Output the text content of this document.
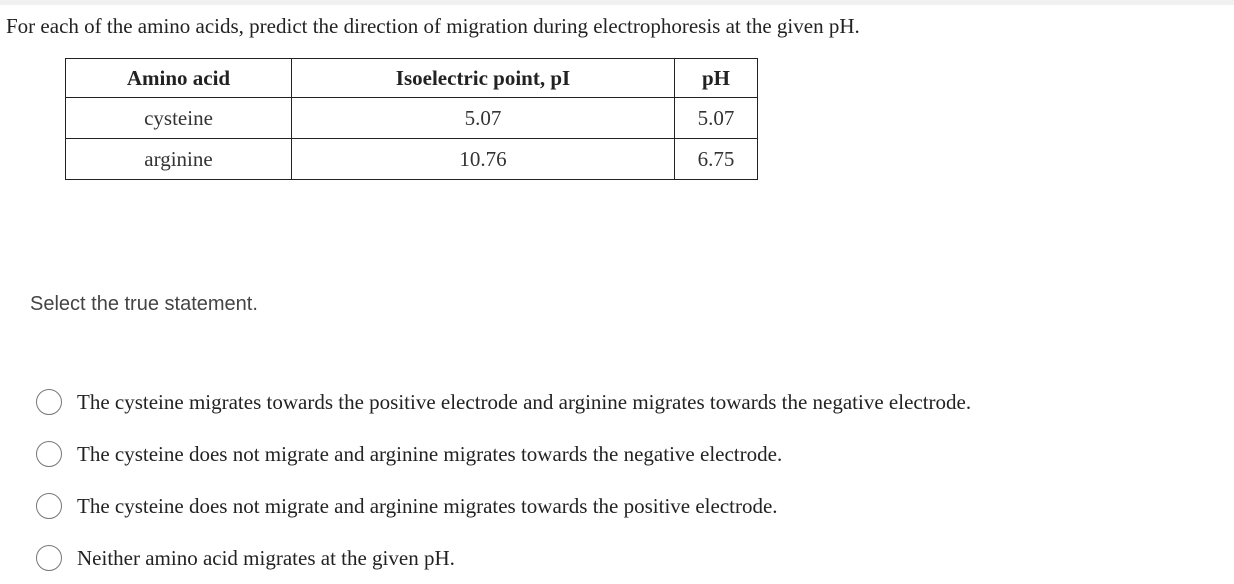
For each of the amino acids, predict the direction of migration during electrophoresis at the given pH.
Amino acid	Isoelectric point, pI	pH
cysteine	5.07	5.07
arginine	10.76	6.75
Select the true statement.
The cysteine migrates towards the positive electrode and arginine migrates towards the negative electrode.
The cysteine does not migrate and arginine migrates towards the negative electrode.
The cysteine does not migrate and arginine migrates towards the positive electrode.
Neither amino acid migrates at the given pH.
